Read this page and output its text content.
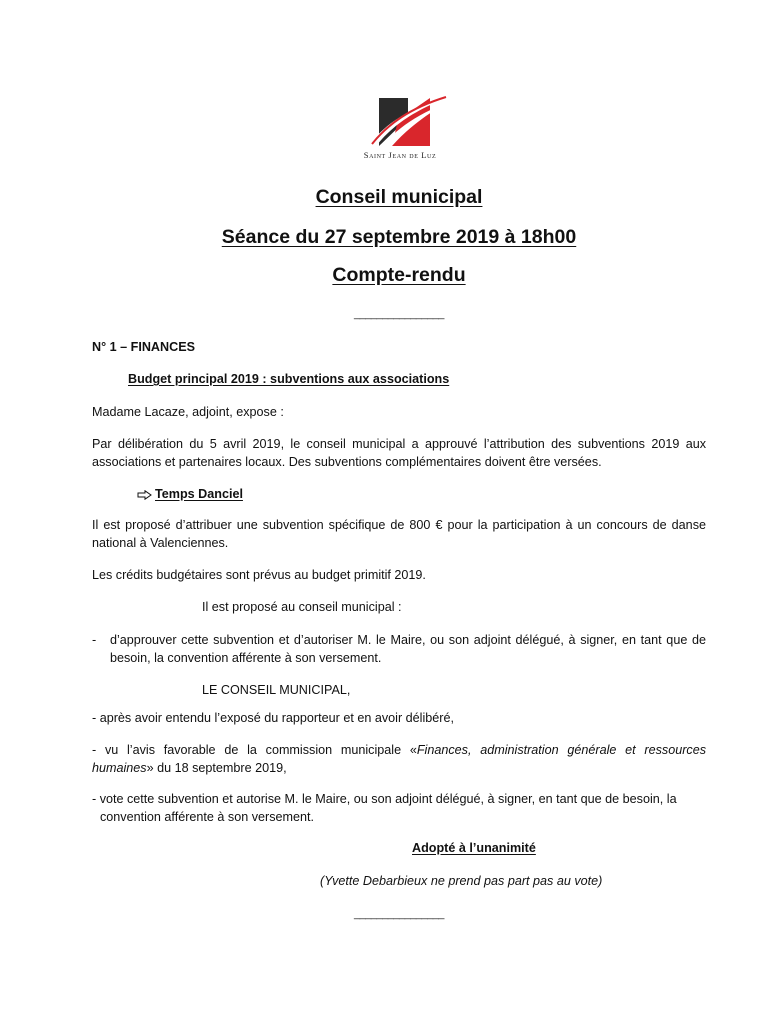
Saint Jean de Luz
Conseil municipal
Séance du 27 septembre 2019 à 18h00
Compte-rendu
________________
N° 1 – FINANCES
Budget principal 2019 : subventions aux associations
Madame Lacaze, adjoint, expose :
Par délibération du 5 avril 2019, le conseil municipal a approuvé l’attribution des subventions 2019 aux associations et partenaires locaux. Des subventions complémentaires doivent être versées.
Temps Danciel
Il est proposé d’attribuer une subvention spécifique de 800 € pour la participation à un concours de danse national à Valenciennes.
Les crédits budgétaires sont prévus au budget primitif 2019.
Il est proposé au conseil municipal :
- d’approuver cette subvention et d’autoriser M. le Maire, ou son adjoint délégué, à signer, en tant que de besoin, la convention afférente à son versement.
LE CONSEIL MUNICIPAL,
- après avoir entendu l’exposé du rapporteur et en avoir délibéré,
- vu l’avis favorable de la commission municipale «Finances, administration générale et ressources humaines» du 18 septembre 2019,
- vote cette subvention et autorise M. le Maire, ou son adjoint délégué, à signer, en tant que de besoin, la convention afférente à son versement.
Adopté à l’unanimité
(Yvette Debarbieux ne prend pas part pas au vote)
________________
